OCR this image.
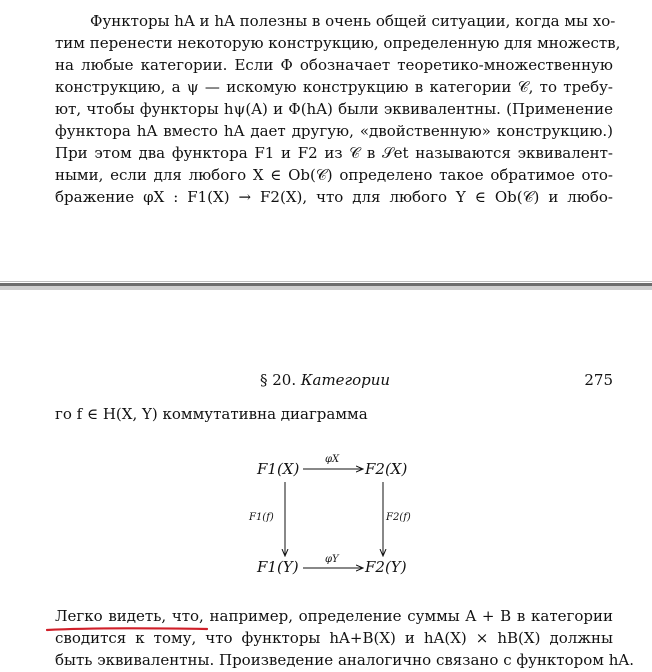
Функторы hA и hA полезны в очень общей ситуации, когда мы хо-
тим перенести некоторую конструкцию, определенную для множеств,
на любые категории. Если Φ обозначает теоретико-множественную
конструкцию, а ψ — искомую конструкцию в категории 𝒞, то требу-
ют, чтобы функторы hψ(A) и Φ(hA) были эквивалентны. (Применение
функтора hA вместо hA дает другую, «двойственную» конструкцию.)
При этом два функтора F1 и F2 из 𝒞 в 𝒮et называются эквивалент-
ными, если для любого X ∈ Ob(𝒞) определено такое обратимое ото-
бражение φX : F1(X) → F2(X), что для любого Y ∈ Ob(𝒞) и любо-
§ 20. Категории	275
го f ∈ H(X, Y) коммутативна диаграмма
F1(X)	F2(X)
F1(Y)	F2(Y)
φX
φY
F1(f)	F2(f)
Легко видеть, что, например, определение суммы A + B в категории
сводится к тому, что функторы hA+B(X) и hA(X) × hB(X) должны
быть эквивалентны. Произведение аналогично связано с функтором hA.
